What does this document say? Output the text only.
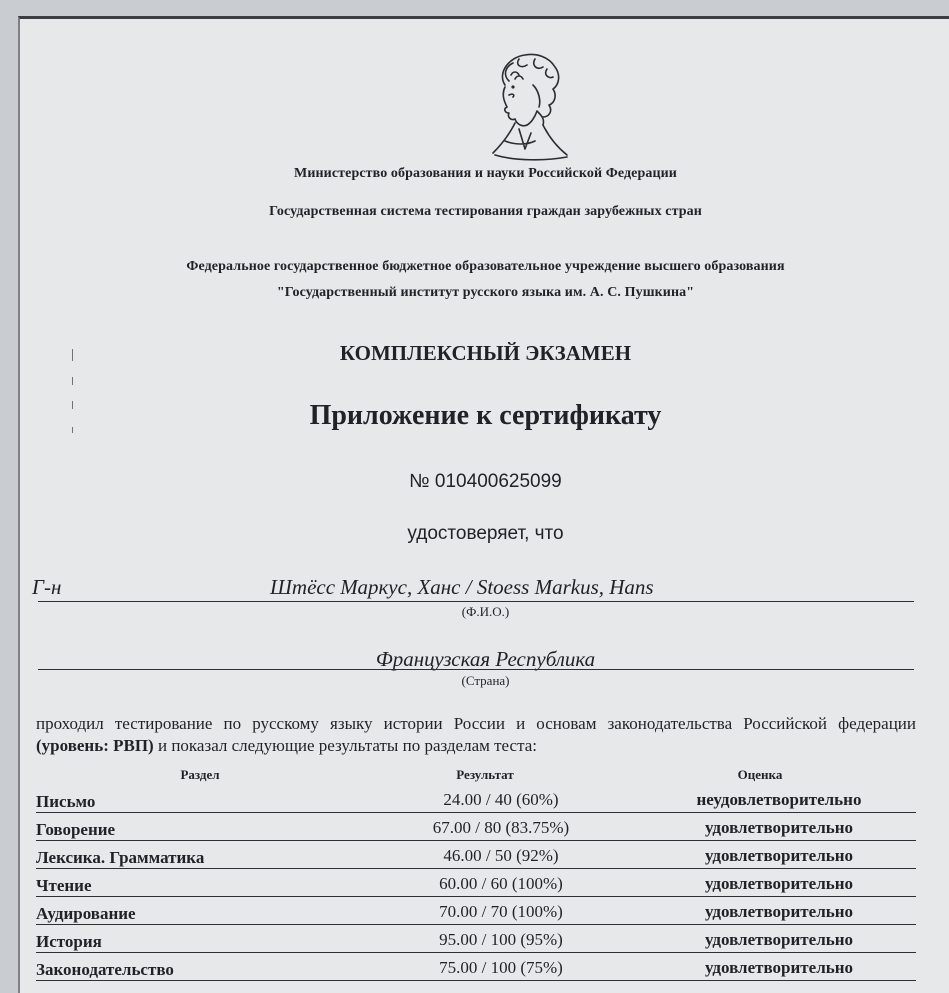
Министерство образования и науки Российской Федерации
Государственная система тестирования граждан зарубежных стран
Федеральное государственное бюджетное образовательное учреждение высшего образования
"Государственный институт русского языка им. А. С. Пушкина"
КОМПЛЕКСНЫЙ ЭКЗАМЕН
Приложение к сертификату
№ 010400625099
удостоверяет, что
Г-н	Штёсс Маркус, Ханс / Stoess Markus, Hans
(Ф.И.О.)
Французская Республика
(Страна)
проходил тестирование по русскому языку истории России и основам законодательства Российской федерации (уровень: РВП) и показал следующие результаты по разделам теста:
Раздел	Результат	Оценка
Письмо	24.00 / 40 (60%)	неудовлетворительно
Говорение	67.00 / 80 (83.75%)	удовлетворительно
Лексика. Грамматика	46.00 / 50 (92%)	удовлетворительно
Чтение	60.00 / 60 (100%)	удовлетворительно
Аудирование	70.00 / 70 (100%)	удовлетворительно
История	95.00 / 100 (95%)	удовлетворительно
Законодательство	75.00 / 100 (75%)	удовлетворительно
